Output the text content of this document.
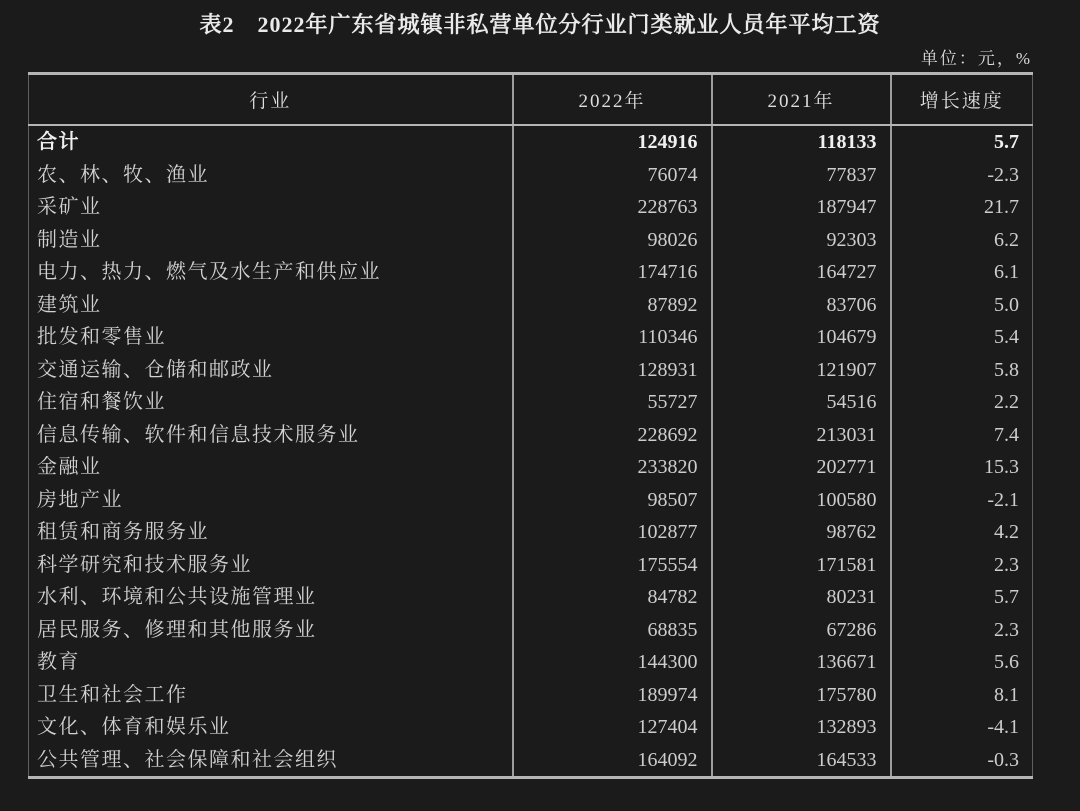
表2　2022年广东省城镇非私营单位分行业门类就业人员年平均工资
单位：元，%
行业	2022年	2021年	增长速度
合计	124916	118133	5.7
农、林、牧、渔业	76074	77837	-2.3
采矿业	228763	187947	21.7
制造业	98026	92303	6.2
电力、热力、燃气及水生产和供应业	174716	164727	6.1
建筑业	87892	83706	5.0
批发和零售业	110346	104679	5.4
交通运输、仓储和邮政业	128931	121907	5.8
住宿和餐饮业	55727	54516	2.2
信息传输、软件和信息技术服务业	228692	213031	7.4
金融业	233820	202771	15.3
房地产业	98507	100580	-2.1
租赁和商务服务业	102877	98762	4.2
科学研究和技术服务业	175554	171581	2.3
水利、环境和公共设施管理业	84782	80231	5.7
居民服务、修理和其他服务业	68835	67286	2.3
教育	144300	136671	5.6
卫生和社会工作	189974	175780	8.1
文化、体育和娱乐业	127404	132893	-4.1
公共管理、社会保障和社会组织	164092	164533	-0.3
